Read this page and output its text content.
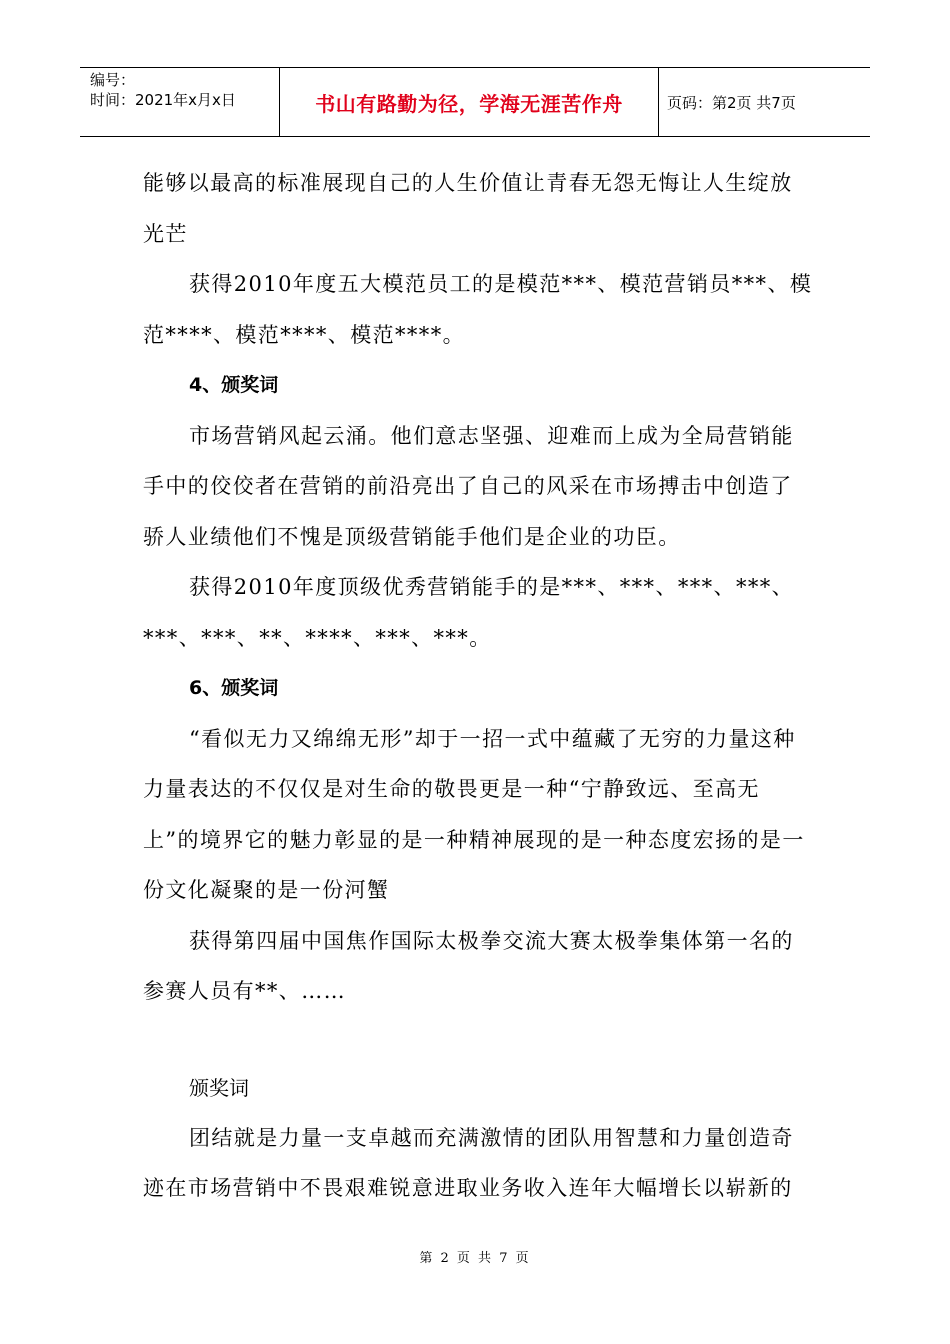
编号：
时间：2021年x月x日	书山有路勤为径，学海无涯苦作舟	页码：第2页 共7页

能够以最高的标准展现自己的人生价值让青春无怨无悔让人生绽放光芒

获得2010年度五大模范员工的是模范***、模范营销员***、模范****、模范****、模范****。

4、颁奖词

市场营销风起云涌。他们意志坚强、迎难而上成为全局营销能手中的佼佼者在营销的前沿亮出了自己的风采在市场搏击中创造了骄人业绩他们不愧是顶级营销能手他们是企业的功臣。

获得2010年度顶级优秀营销能手的是***、***、***、***、***、***、**、****、***、***。

6、颁奖词

“看似无力又绵绵无形”却于一招一式中蕴藏了无穷的力量这种力量表达的不仅仅是对生命的敬畏更是一种“宁静致远、至高无上”的境界它的魅力彰显的是一种精神展现的是一种态度宏扬的是一份文化凝聚的是一份河蟹

获得第四届中国焦作国际太极拳交流大赛太极拳集体第一名的参赛人员有**、……

颁奖词

团结就是力量一支卓越而充满激情的团队用智慧和力量创造奇迹在市场营销中不畏艰难锐意进取业务收入连年大幅增长以崭新的

第 2 页 共 7 页
